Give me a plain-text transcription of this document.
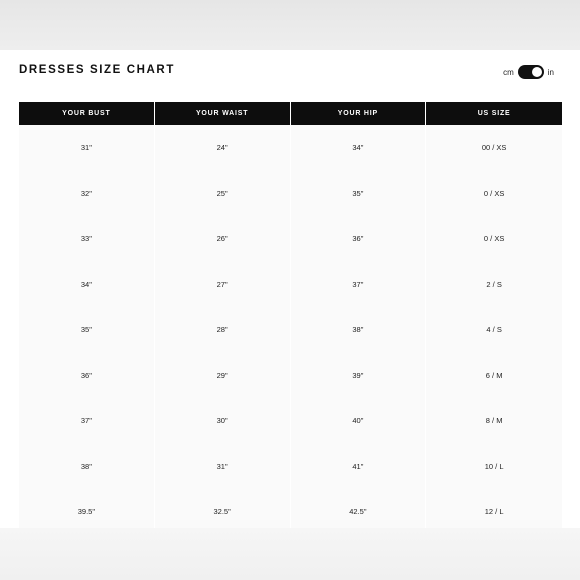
DRESSES SIZE CHART	cm	in
YOUR BUST	YOUR WAIST	YOUR HIP	US SIZE
31"	24"	34"	00 / XS
32"	25"	35"	0 / XS
33"	26"	36"	0 / XS
34"	27"	37"	2 / S
35"	28"	38"	4 / S
36"	29"	39"	6 / M
37"	30"	40"	8 / M
38"	31"	41"	10 / L
39.5"	32.5"	42.5"	12 / L
